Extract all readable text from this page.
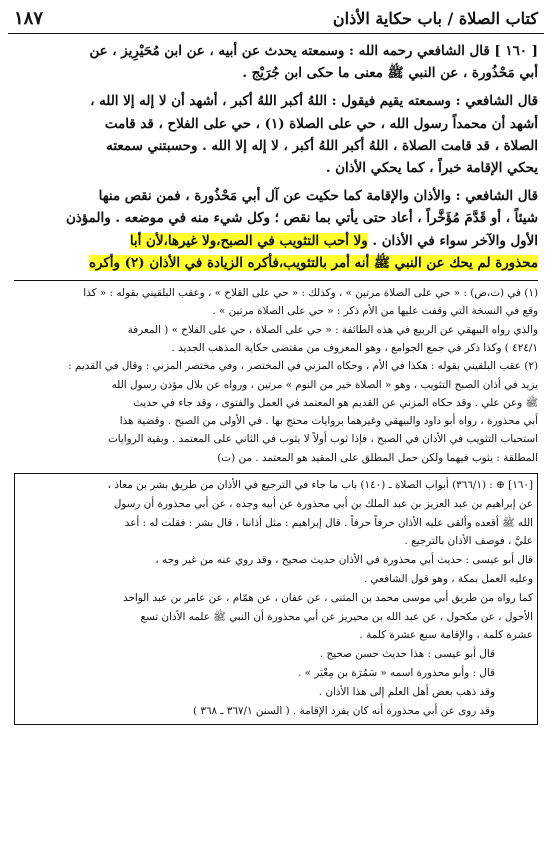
كتاب الصلاة / باب حكاية الأذان
١٨٧
[ ١٦٠ ] قال الشافعي رحمه الله : وسمعته يحدث عن أبيه ، عن ابن مُحَيْرِيز ، عن
أبي مَحْذُورة ، عن النبي ﷺ معنى ما حكى ابن جُرَيْج .
قال الشافعي : وسمعته يقيم فيقول : اللهُ أكبر اللهُ أكبر ، أشهد أن لا إله إلا الله ،
أشهد أن محمداً رسول الله ، حي على الصلاة (١) ، حي على الفلاح ، قد قامت
الصلاة ، قد قامت الصلاة ، اللهُ أكبر اللهُ أكبر ، لا إله إلا الله . وحسبتني سمعته
يحكي الإقامة خبراً ، كما يحكي الأذان .
قال الشافعي : والأذان والإقامة كما حكيت عن آل أبي مَحْذُورة ، فمن نقص منها
شيئاً ، أو قَدَّمَ مُؤَخَّراً ، أعاد حتى يأتي بما نقص ؛ وكل شيء منه في موضعه . والمؤذن
الأول والآخر سواء في الأذان . ولا أحب التثويب في الصبح،ولا غيرها،لأن أبا
محذورة لم يحك عن النبي ﷺ أنه أمر بالتثويب،فأكره الزيادة في الأذان (٢) وأكره
(١) في (ت،ص) : « حي على الصلاة مرتين » ، وكذلك : « حي على الفلاح » ، وعقب البلقيني بقوله : « كذا
وقع في النسخة التي وقفت عليها من الأم ذكر : « حي على الصلاة مرتين » .
والذي رواه البيهقي عن الربيع في هذه الطائفة : « حي على الصلاة ، حي على الفلاح » ( المعرفة
٤٢٤/١ ) وكذا ذكر في جمع الجوامع ، وهو المعروف من مقتضى حكاية المذهب الجديد .
(٢) عقب البلقيني بقوله : هكذا في الأم ، وحكاه المزني في المختصر ، وفي مختصر المزني : وقال في القديم :
يزيد في أذان الصبح التثويب ، وهو « الصلاة خير من النوم » مرتين ، ورواه عن بلال مؤذن رسول الله
ﷺ وعن علي . وقد حكاه المزني عن القديم هو المعتمد في العمل والفتوى ، وقد جاء في حديث
أبي محذورة ، رواه أبو داود والبيهقي وغيرهما بروايات محتج بها . في الأولى من الصبح . وقضية هذا
استحباب التثويب في الأذان في الصبح ، فإذا ثوب أولاً لا يثوب في الثاني على المعتمد . وبقية الروايات
المطلقة : يثوب فيهما ولكن حمل المطلق على المقيد هو المعتمد . من (ت)
[١٦٠] ⊕ : (٣٦٦/١) أبواب الصلاة ـ (١٤٠) باب ما جاء في الترجيع في الأذان من طريق بشر بن معاذ ،
عن إبراهيم بن عبد العزيز بن عبد الملك بن أبي محذورة عن أبيه وجده ، عن أبي محذورة أن رسول
الله ﷺ أقعده وألقى عليه الأذان حرفاً حرفاً . قال إبراهيم : مثل أذاننا ، قال بشر : فقلت له : أعد
عليَّ ، فوصف الأذان بالترجيع .
قال أبو عيسى : حديث أبي محذورة في الأذان حديث صحيح ، وقد روي عنه من غير وجه ،
وعليه العمل بمكة ، وهو قول الشافعي .
كما رواه من طريق أبي موسى محمد بن المثنى ، عن عفان ، عن همّام ، عن عامر بن عبد الواحد
الأحول ، عن مكحول ، عن عبد الله بن محيريز عن أبي محذورة أن النبي ﷺ علمه الأذان تسع
عشرة كلمة ، والإقامة سبع عشرة كلمة .
قال أبو عيسى : هذا حديث حسن صحيح .
قال : وأبو محذورة اسمه « سَمُرَة بن مِعْيَر » .
وقد ذهب بعض أهل العلم إلى هذا الأذان .
وقد روى عن أبي محذورة أنه كان يفرد الإقامة . ( السنن ٣٦٧/١ ـ ٣٦٨ )
